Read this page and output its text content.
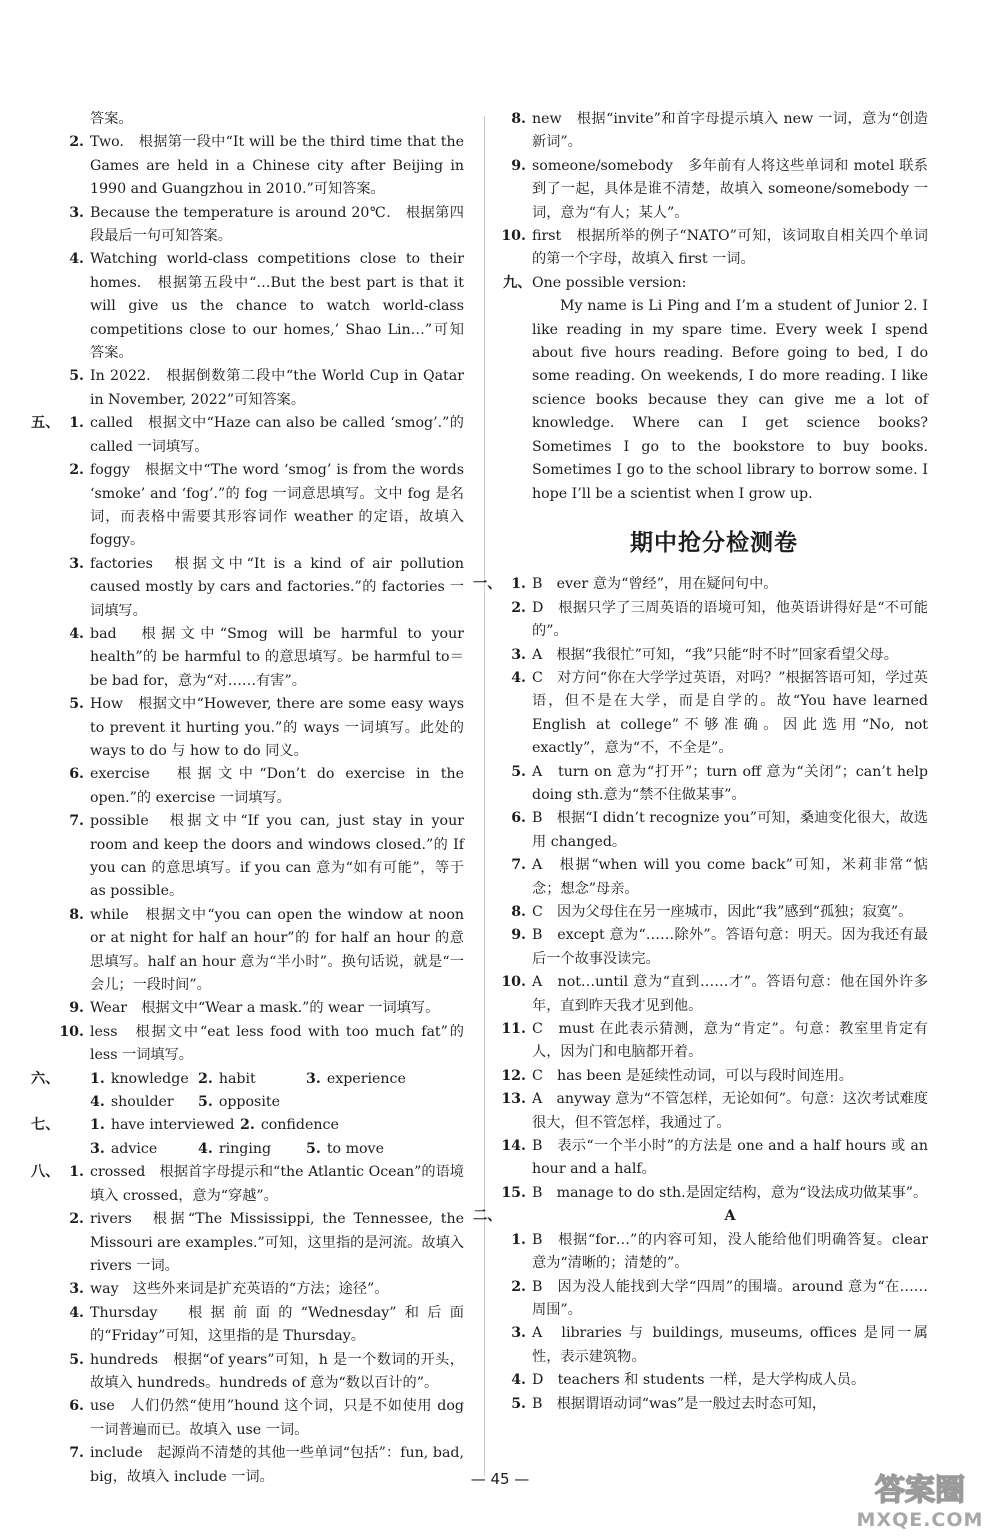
答案。
2. Two.　根据第一段中“It will be the third time that the Games are held in a Chinese city after Beijing in 1990 and Guangzhou in 2010.”可知答案。
3. Because the temperature is around 20℃.　根据第四段最后一句可知答案。
4. Watching world-class competitions close to their homes.　根据第五段中“…But the best part is that it will give us the chance to watch world-class competitions close to our homes,’ Shao Lin…”可知答案。
5. In 2022.　根据倒数第二段中“the World Cup in Qatar in November, 2022”可知答案。
五、 1. called　根据文中“Haze can also be called ‘smog’.”的 called 一词填写。
2. foggy　根据文中“The word ‘smog’ is from the words ‘smoke’ and ‘fog’.”的 fog 一词意思填写。文中 fog 是名词，而表格中需要其形容词作 weather 的定语，故填入 foggy。
3. factories　根据文中“It is a kind of air pollution caused mostly by cars and factories.”的 factories 一词填写。
4. bad　根据文中“Smog will be harmful to your health”的 be harmful to 的意思填写。be harmful to＝be bad for，意为“对……有害”。
5. How　根据文中“However, there are some easy ways to prevent it hurting you.”的 ways 一词填写。此处的 ways to do 与 how to do 同义。
6. exercise　根据文中“Don’t do exercise in the open.”的 exercise 一词填写。
7. possible　根据文中“If you can, just stay in your room and keep the doors and windows closed.”的 If you can 的意思填写。if you can 意为“如有可能”，等于 as possible。
8. while　根据文中“you can open the window at noon or at night for half an hour”的 for half an hour 的意思填写。half an hour 意为“半小时”。换句话说，就是“一会儿；一段时间”。
9. Wear　根据文中“Wear a mask.”的 wear 一词填写。
10. less　根据文中“eat less food with too much fat”的 less 一词填写。
六、 1. knowledge 2. habit	3. experience
4. shoulder	5. opposite
七、 1. have interviewed 2. confidence
3. advice	4. ringing	5. to move
八、 1. crossed　根据首字母提示和“the Atlantic Ocean”的语境填入 crossed，意为“穿越”。
2. rivers　根据“The Mississippi, the Tennessee, the Missouri are examples.”可知，这里指的是河流。故填入 rivers 一词。
3. way　这些外来词是扩充英语的“方法；途径”。
4. Thursday　根据前面的“Wednesday”和后面的“Friday”可知，这里指的是 Thursday。
5. hundreds　根据“of years”可知，h 是一个数词的开头，故填入 hundreds。hundreds of 意为“数以百计的”。
6. use　人们仍然“使用”hound 这个词，只是不如使用 dog 一词普遍而已。故填入 use 一词。
7. include　起源尚不清楚的其他一些单词“包括”：fun, bad, big，故填入 include 一词。
8. new　根据“invite”和首字母提示填入 new 一词，意为“创造新词”。
9. someone/somebody　多年前有人将这些单词和 motel 联系到了一起，具体是谁不清楚，故填入 someone/somebody 一词，意为“有人；某人”。
10. first　根据所举的例子“NATO”可知，该词取自相关四个单词的第一个字母，故填入 first 一词。
九、 One possible version:
My name is Li Ping and I’m a student of Junior 2. I like reading in my spare time. Every week I spend about five hours reading. Before going to bed, I do some reading. On weekends, I do more reading. I like science books because they can give me a lot of knowledge. Where can I get science books? Sometimes I go to the bookstore to buy books. Sometimes I go to the school library to borrow some. I hope I’ll be a scientist when I grow up.
期中抢分检测卷
一、 1. B　ever 意为“曾经”，用在疑问句中。
2. D　根据只学了三周英语的语境可知，他英语讲得好是“不可能的”。
3. A　根据“我很忙”可知，“我”只能“时不时”回家看望父母。
4. C　对方问“你在大学学过英语，对吗？”根据答语可知，学过英语，但不是在大学，而是自学的。故“You have learned English at college”不够准确。因此选用“No, not exactly”，意为“不，不全是”。
5. A　turn on 意为“打开”；turn off 意为“关闭”；can’t help doing sth.意为“禁不住做某事”。
6. B　根据“I didn’t recognize you”可知，桑迪变化很大，故选用 changed。
7. A　根据“when will you come back”可知，米莉非常“惦念；想念”母亲。
8. C　因为父母住在另一座城市，因此“我”感到“孤独；寂寞”。
9. B　except 意为“……除外”。答语句意：明天。因为我还有最后一个故事没读完。
10. A　not…until 意为“直到……才”。答语句意：他在国外许多年，直到昨天我才见到他。
11. C　must 在此表示猜测，意为“肯定”。句意：教室里肯定有人，因为门和电脑都开着。
12. C　has been 是延续性动词，可以与段时间连用。
13. A　anyway 意为“不管怎样，无论如何”。句意：这次考试难度很大，但不管怎样，我通过了。
14. B　表示“一个半小时”的方法是 one and a half hours 或 an hour and a half。
15. B　manage to do sth.是固定结构，意为“设法成功做某事”。
二、	A
1. B　根据“for…”的内容可知，没人能给他们明确答复。clear 意为“清晰的；清楚的”。
2. B　因为没人能找到大学“四周”的围墙。around 意为“在……周围”。
3. A　libraries 与 buildings, museums, offices 是同一属性，表示建筑物。
4. D　teachers 和 students 一样，是大学构成人员。
5. B　根据谓语动词“was”是一般过去时态可知，
— 45 —	答案圈
MXQE.COM
